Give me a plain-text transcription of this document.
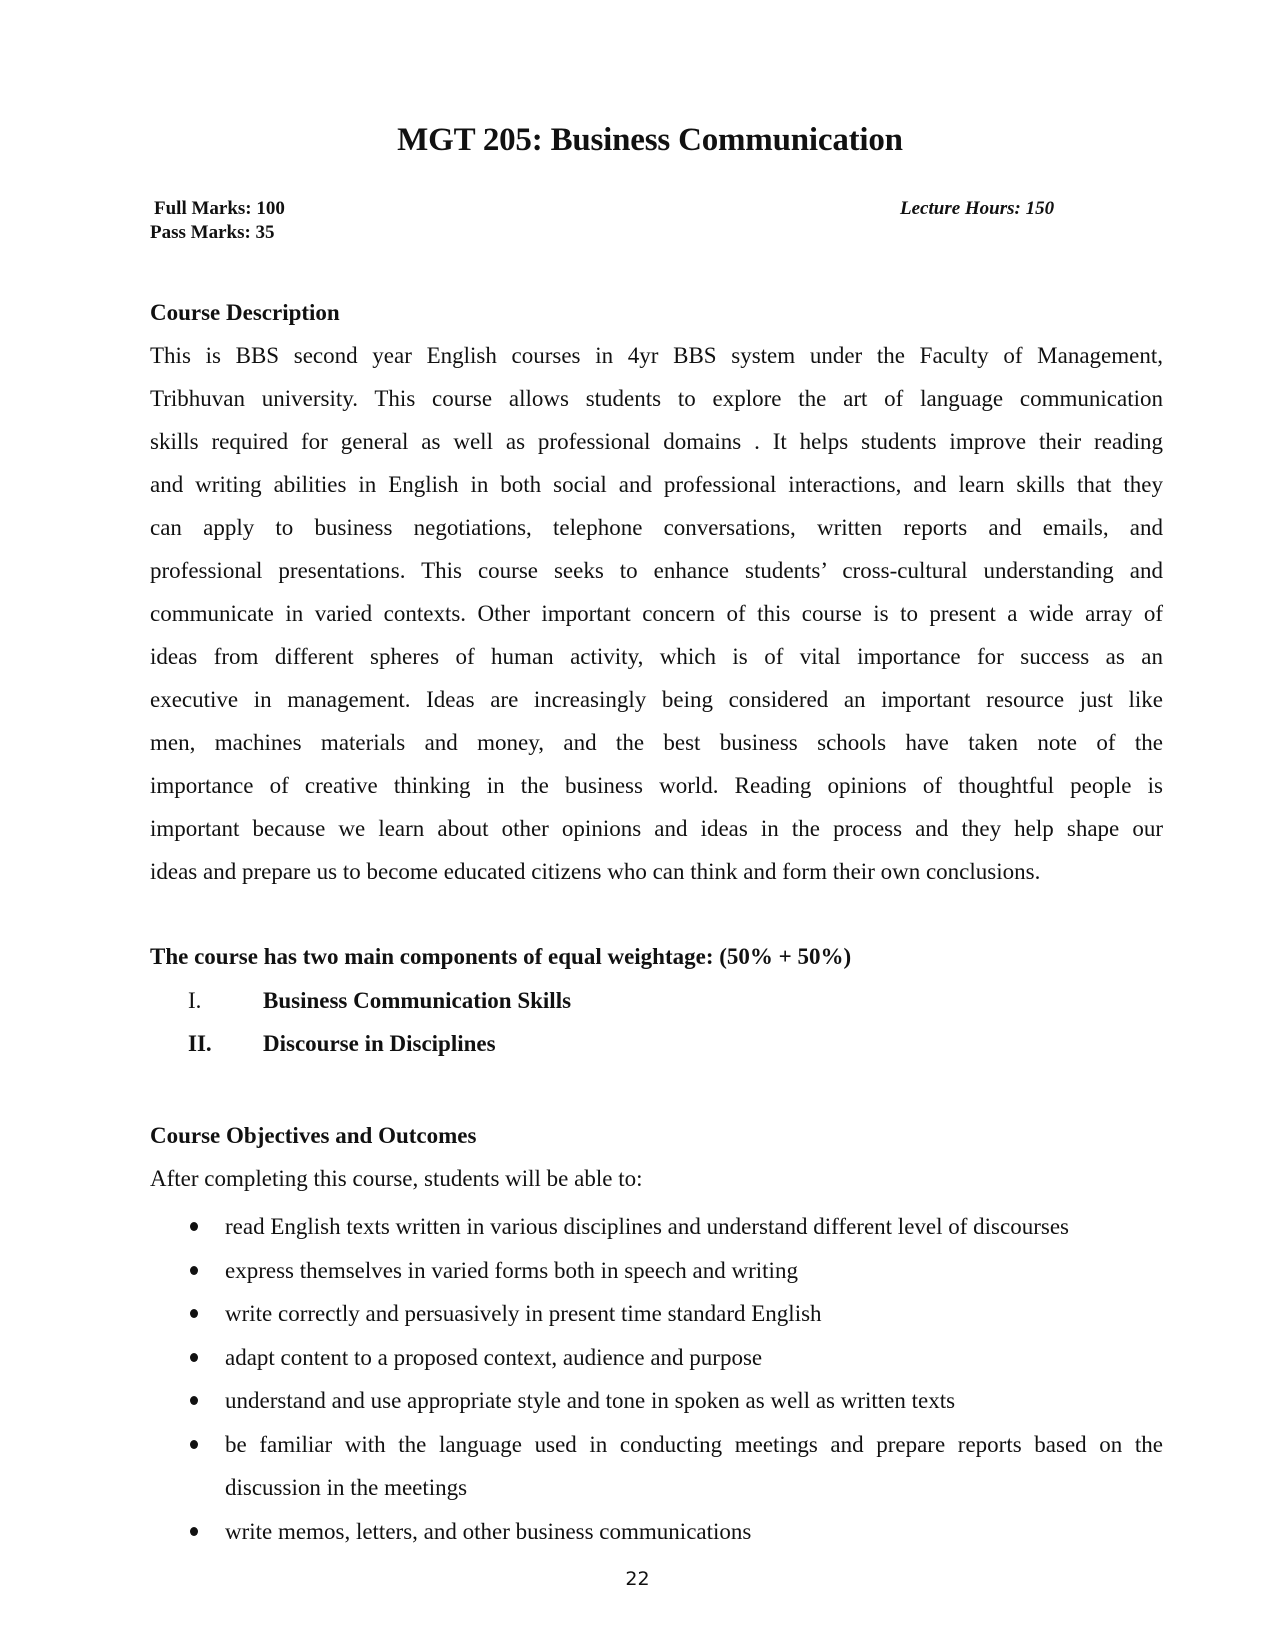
MGT 205: Business Communication
Full Marks: 100
Pass Marks: 35
Lecture Hours: 150
Course Description
This is BBS second year English courses in 4yr BBS system under the Faculty of Management,
Tribhuvan university. This course allows students to explore the art of language communication
skills required for general as well as professional domains . It helps students improve their reading
and writing abilities in English in both social and professional interactions, and learn skills that they
can apply to business negotiations, telephone conversations, written reports and emails, and
professional presentations. This course seeks to enhance students’ cross-cultural understanding and
communicate in varied contexts. Other important concern of this course is to present a wide array of
ideas from different spheres of human activity, which is of vital importance for success as an
executive in management. Ideas are increasingly being considered an important resource just like
men, machines materials and money, and the best business schools have taken note of the
importance of creative thinking in the business world. Reading opinions of thoughtful people is
important because we learn about other opinions and ideas in the process and they help shape our
ideas and prepare us to become educated citizens who can think and form their own conclusions.
The course has two main components of equal weightage: (50% + 50%)
I.	Business Communication Skills
II. Discourse in Disciplines
Course Objectives and Outcomes
After completing this course, students will be able to:
read English texts written in various disciplines and understand different level of discourses
express themselves in varied forms both in speech and writing
write correctly and persuasively in present time standard English
adapt content to a proposed context, audience and purpose
understand and use appropriate style and tone in spoken as well as written texts
be familiar with the language used in conducting meetings and prepare reports based on the discussion in the meetings
write memos, letters, and other business communications
22
